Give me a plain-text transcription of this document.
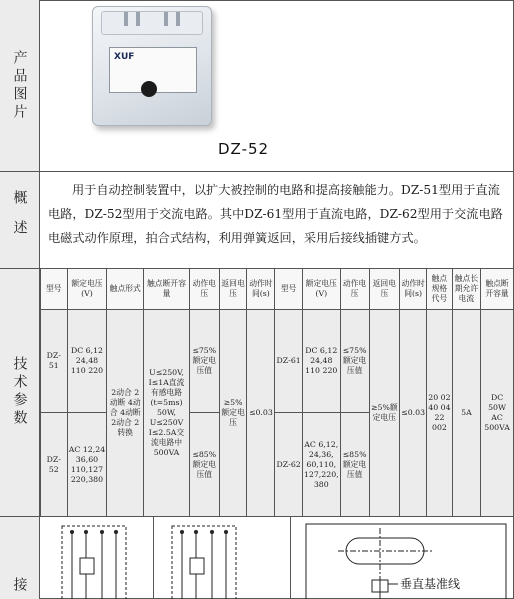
产品图片
概述
技术参数
接
XUF
DZ-52
用于自动控制装置中，以扩大被控制的电路和提高接触能力。DZ-51型用于直流电路，DZ-52型用于交流电路。其中DZ-61型用于直流电路，DZ-62型用于交流电路电磁式动作原理，拍合式结构，利用弹簧返回，采用后接线插键方式。
型号	额定电压(V)	触点形式	触点断开容量	动作电压	返回电压	动作时间(s)	型号	额定电压(V)	动作电压	返回电压	动作时间(s)	触点规格代号	触点长期允许电流	触点断开容量
DZ-51	DC 6,12 24,48 110 220	2动合 2动断 4动合 4动断 2动合 2转换	U≤250V, I≤1A直流有感电路(t=5ms) 50W, U≤250V I≤2.5A交流电路中500VA	≤75%额定电压值	≥5%额定电压	≤0.03	DZ-61	DC 6,12 24,48 110 220	≤75%额定电压值	≥5%额定电压	≤0.03	20 02 40 04 22 002	5A	DC 50W AC 500VA
DZ-52	AC 12,24 36,60 110,127 220,380			≤85%额定电压值			DZ-62	AC 6,12, 24,36, 60,110, 127,220, 380	≤85%额定电压值					
垂直基准线
